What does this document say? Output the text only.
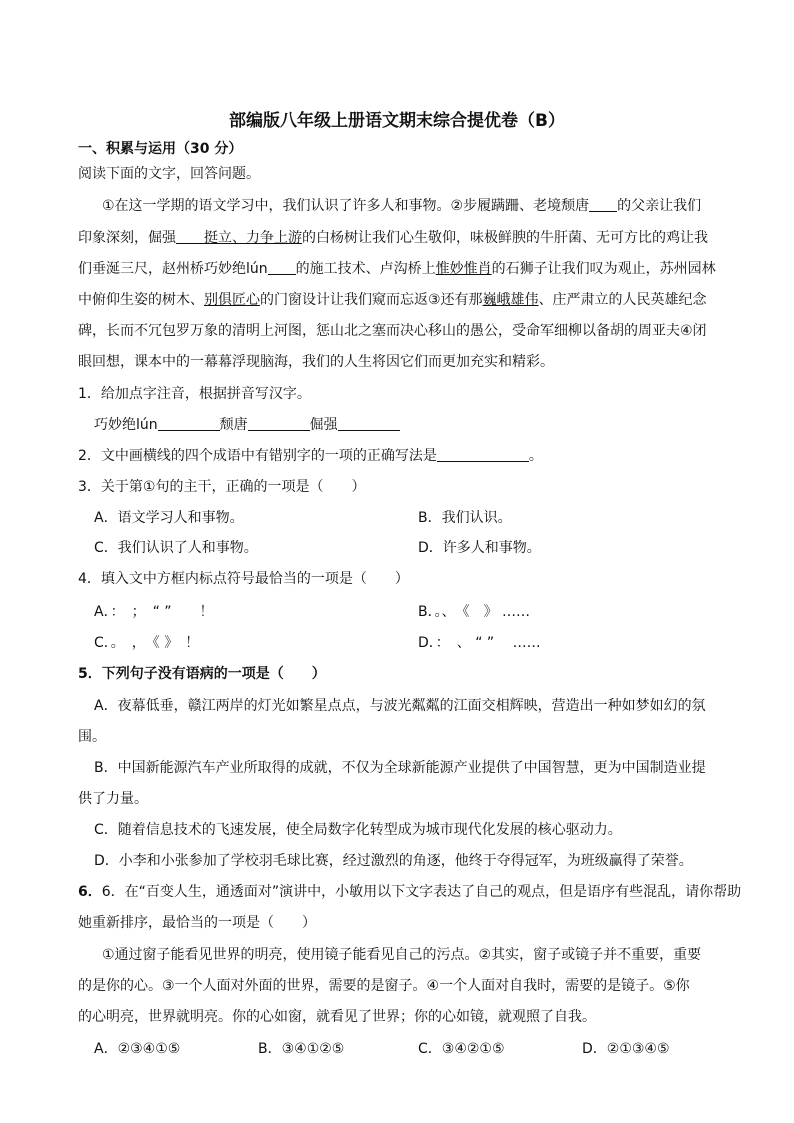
部编版八年级上册语文期末综合提优卷（B）
一、积累与运用（30 分）
阅读下面的文字，回答问题。
①在这一学期的语文学习中，我们认识了许多人和事物。②步履蹒跚、老境颓唐 的父亲让我们
印象深刻，倔强 挺立、力争上游的白杨树让我们心生敬仰，味极鲜腴的牛肝菌、无可方比的鸡让我
们垂涎三尺，赵州桥巧妙绝lún 的施工技术、卢沟桥上惟妙惟肖的石狮子让我们叹为观止，苏州园林
中俯仰生姿的树木、别俱匠心的门窗设计让我们窥而忘返③还有那巍峨雄伟、庄严肃立的人民英雄纪念
碑，长而不冗包罗万象的清明上河图，惩山北之塞而决心移山的愚公，受命军细柳以备胡的周亚夫④闭
眼回想，课本中的一幕幕浮现脑海，我们的人生将因它们而更加充实和精彩。
1．给加点字注音，根据拼音写汉字。
巧妙绝lún	颓唐	倔强
2．文中画横线的四个成语中有错别字的一项的正确写法是	。
3．关于第①句的主干，正确的一项是（　　）
A．语文学习人和事物。	B．我们认识。
C．我们认识了人和事物。	D．许多人和事物。
4．填入文中方框内标点符号最恰当的一项是（　　）
A．：　；　“ ”　　！	B．。、　《　》 ……
C．。　，　《 》　！	D．：　、 “ ”　 ……
5．下列句子没有语病的一项是（　　）
A．夜幕低垂，赣江两岸的灯光如繁星点点，与波光粼粼的江面交相辉映，营造出一种如梦如幻的氛
围。
B．中国新能源汽车产业所取得的成就，不仅为全球新能源产业提供了中国智慧，更为中国制造业提
供了力量。
C．随着信息技术的飞速发展，使全局数字化转型成为城市现代化发展的核心驱动力。
D．小李和小张参加了学校羽毛球比赛，经过激烈的角逐，他终于夺得冠军，为班级赢得了荣誉。
6．6．在“百变人生，通透面对”演讲中，小敏用以下文字表达了自己的观点，但是语序有些混乱，请你帮助
她重新排序，最恰当的一项是（　　）
①通过窗子能看见世界的明亮，使用镜子能看见自己的污点。②其实，窗子或镜子并不重要，重要
的是你的心。③一个人面对外面的世界，需要的是窗子。④一个人面对自我时，需要的是镜子。⑤你
的心明亮，世界就明亮。你的心如窗，就看见了世界；你的心如镜，就观照了自我。
A．②③④①⑤	B．③④①②⑤	C．③④②①⑤	D．②①③④⑤
